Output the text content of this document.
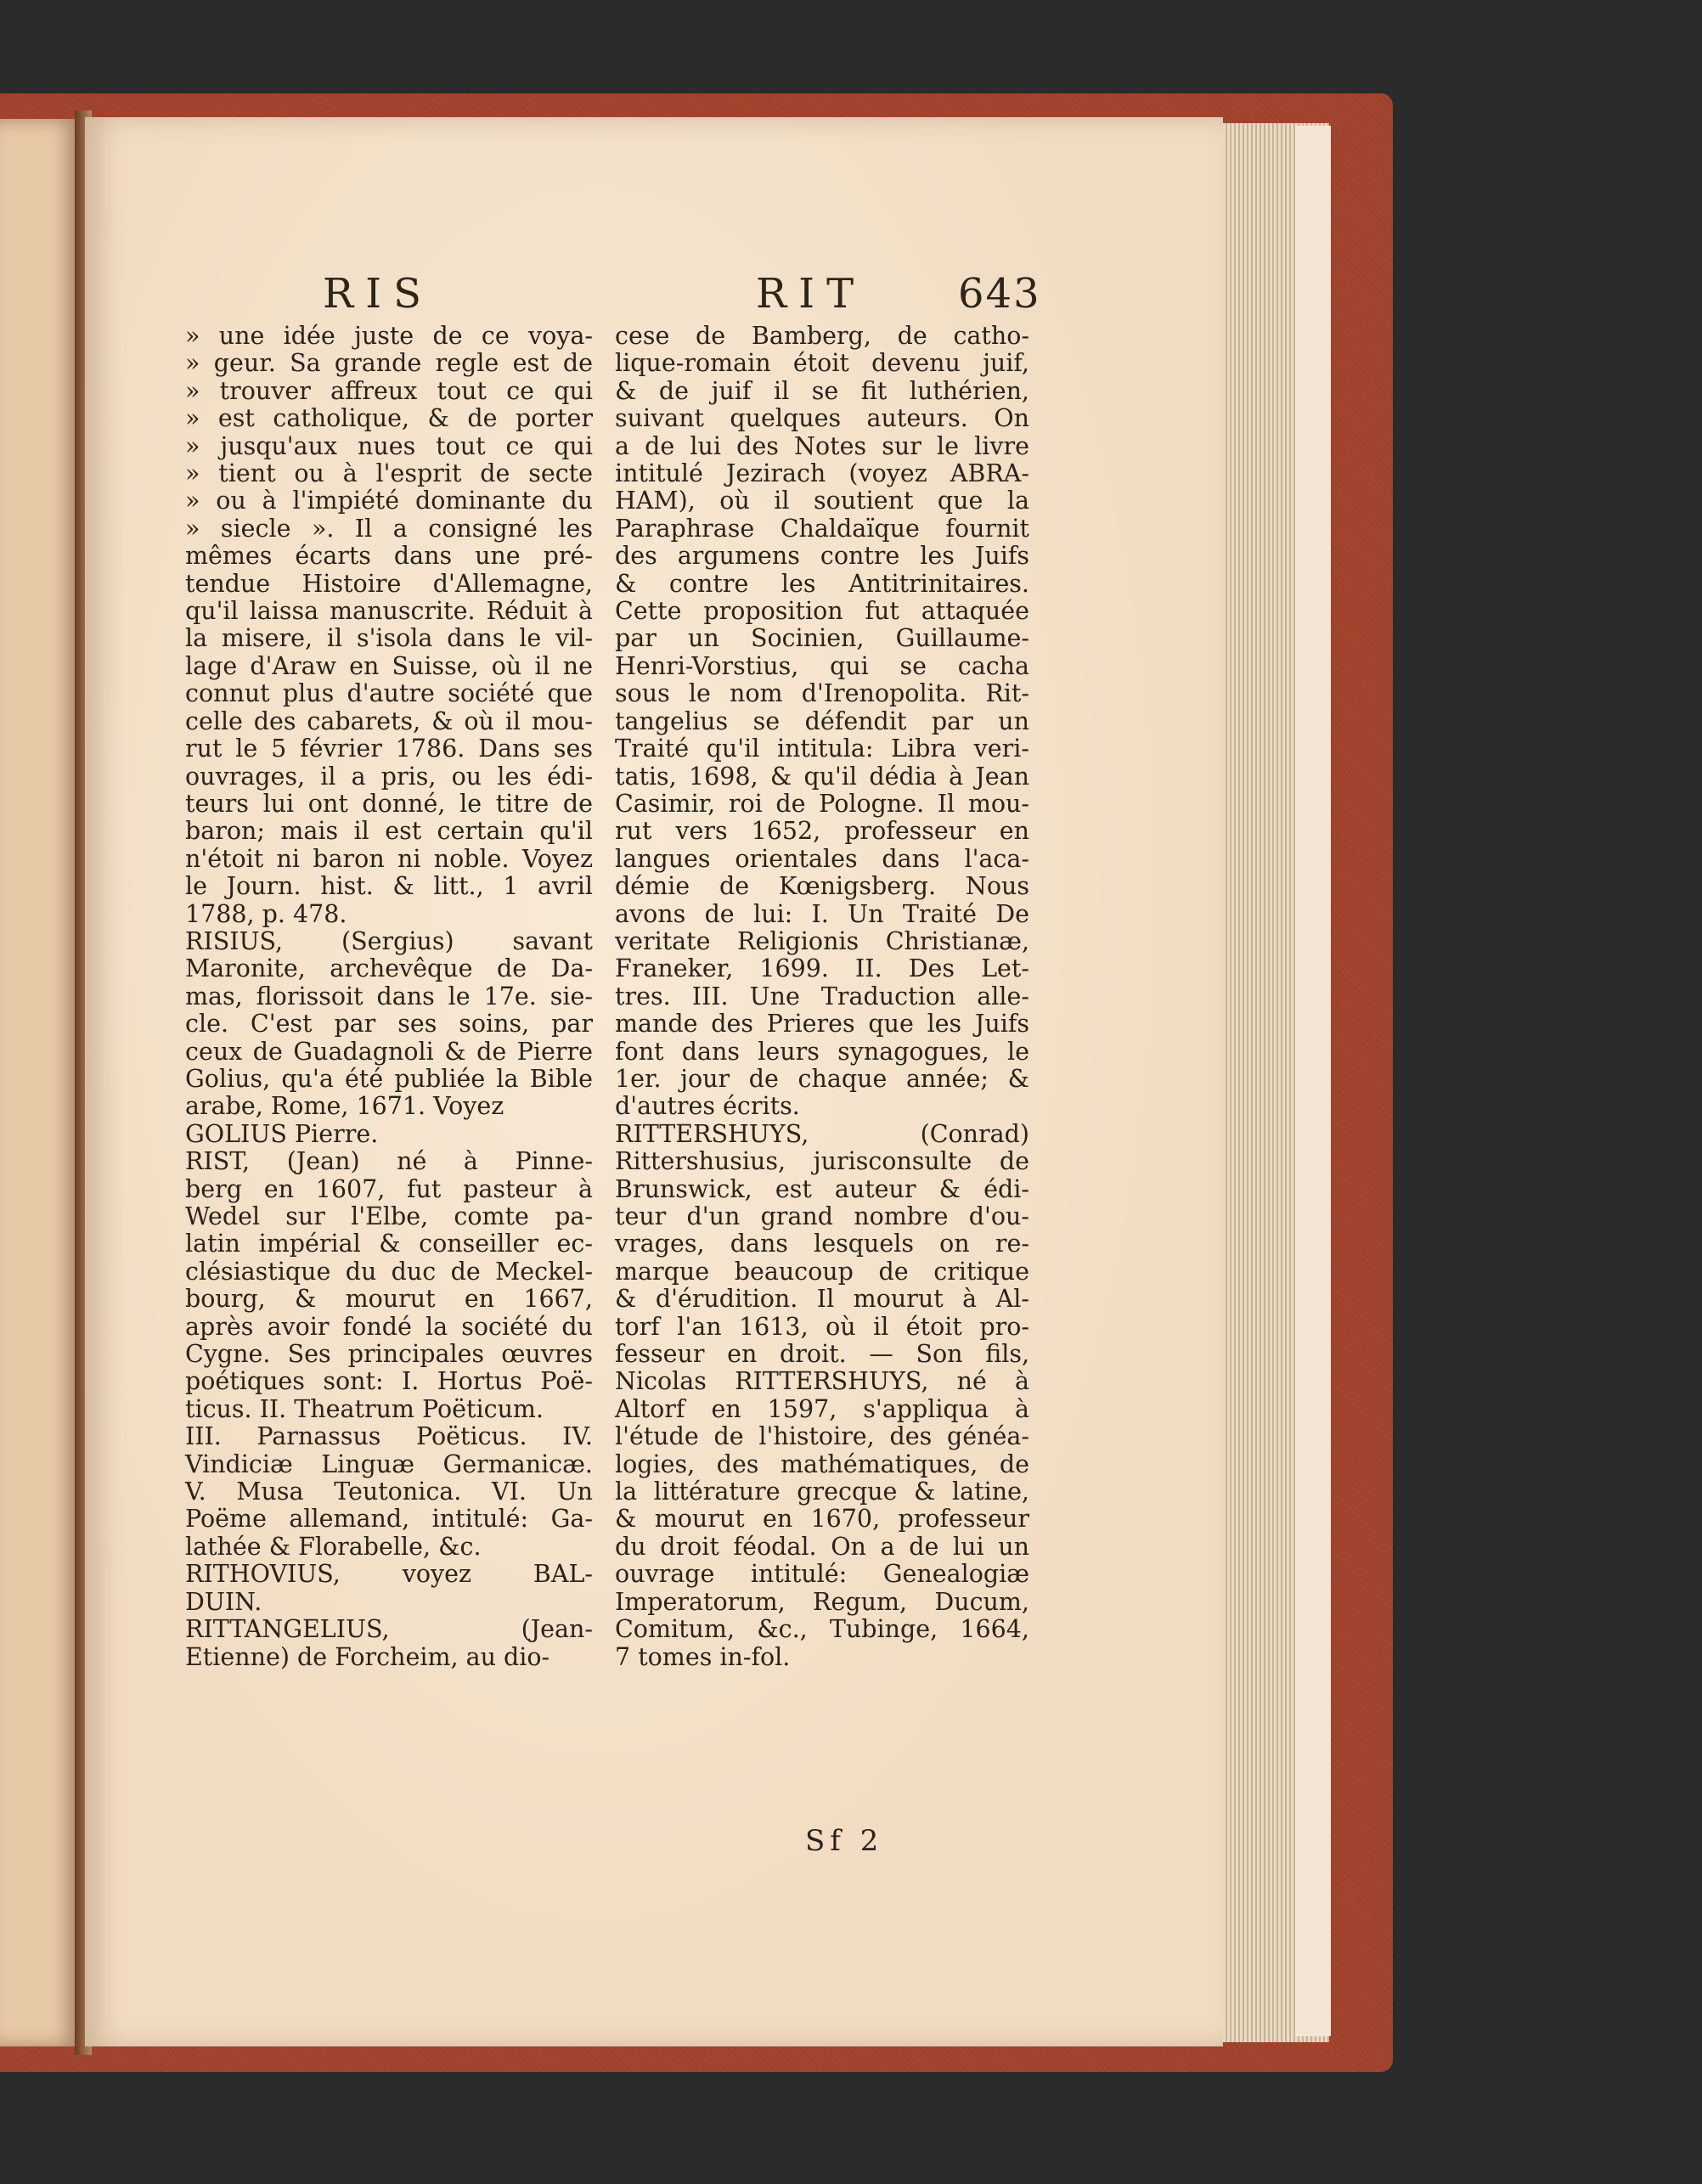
RIS	RIT 643
» une idée juste de ce voya-
» geur. Sa grande regle est de
» trouver affreux tout ce qui
» est catholique, & de porter
» jusqu'aux nues tout ce qui
» tient ou à l'esprit de secte
» ou à l'impiété dominante du
» siecle ». Il a consigné les
mêmes écarts dans une pré-
tendue Histoire d'Allemagne,
qu'il laissa manuscrite. Réduit à
la misere, il s'isola dans le vil-
lage d'Araw en Suisse, où il ne
connut plus d'autre société que
celle des cabarets, & où il mou-
rut le 5 février 1786. Dans ses
ouvrages, il a pris, ou les édi-
teurs lui ont donné, le titre de
baron; mais il est certain qu'il
n'étoit ni baron ni noble. Voyez
le Journ. hist. & litt., 1 avril
1788, p. 478.
RISIUS, (Sergius) savant
Maronite, archevêque de Da-
mas, florissoit dans le 17e. sie-
cle. C'est par ses soins, par
ceux de Guadagnoli & de Pierre
Golius, qu'a été publiée la Bible
arabe, Rome, 1671. Voyez
GOLIUS Pierre.
RIST, (Jean) né à Pinne-
berg en 1607, fut pasteur à
Wedel sur l'Elbe, comte pa-
latin impérial & conseiller ec-
clésiastique du duc de Meckel-
bourg, & mourut en 1667,
après avoir fondé la société du
Cygne. Ses principales œuvres
poétiques sont: I. Hortus Poë-
ticus. II. Theatrum Poëticum.
III. Parnassus Poëticus. IV.
Vindiciæ Linguæ Germanicæ.
V. Musa Teutonica. VI. Un
Poëme allemand, intitulé: Ga-
lathée & Florabelle, &c.
RITHOVIUS, voyez BAL-
DUIN.
RITTANGELIUS, (Jean-
Etienne) de Forcheim, au dio-
cese de Bamberg, de catho-
lique-romain étoit devenu juif,
& de juif il se fit luthérien,
suivant quelques auteurs. On
a de lui des Notes sur le livre
intitulé Jezirach (voyez ABRA-
HAM), où il soutient que la
Paraphrase Chaldaïque fournit
des argumens contre les Juifs
& contre les Antitrinitaires.
Cette proposition fut attaquée
par un Socinien, Guillaume-
Henri-Vorstius, qui se cacha
sous le nom d'Irenopolita. Rit-
tangelius se défendit par un
Traité qu'il intitula: Libra veri-
tatis, 1698, & qu'il dédia à Jean
Casimir, roi de Pologne. Il mou-
rut vers 1652, professeur en
langues orientales dans l'aca-
démie de Kœnigsberg. Nous
avons de lui: I. Un Traité De
veritate Religionis Christianæ,
Franeker, 1699. II. Des Let-
tres. III. Une Traduction alle-
mande des Prieres que les Juifs
font dans leurs synagogues, le
1er. jour de chaque année; &
d'autres écrits.
RITTERSHUYS, (Conrad)
Rittershusius, jurisconsulte de
Brunswick, est auteur & édi-
teur d'un grand nombre d'ou-
vrages, dans lesquels on re-
marque beaucoup de critique
& d'érudition. Il mourut à Al-
torf l'an 1613, où il étoit pro-
fesseur en droit. — Son fils,
Nicolas RITTERSHUYS, né à
Altorf en 1597, s'appliqua à
l'étude de l'histoire, des généa-
logies, des mathématiques, de
la littérature grecque & latine,
& mourut en 1670, professeur
du droit féodal. On a de lui un
ouvrage intitulé: Genealogiæ
Imperatorum, Regum, Ducum,
Comitum, &c., Tubinge, 1664,
7 tomes in-fol.
Sf 2
